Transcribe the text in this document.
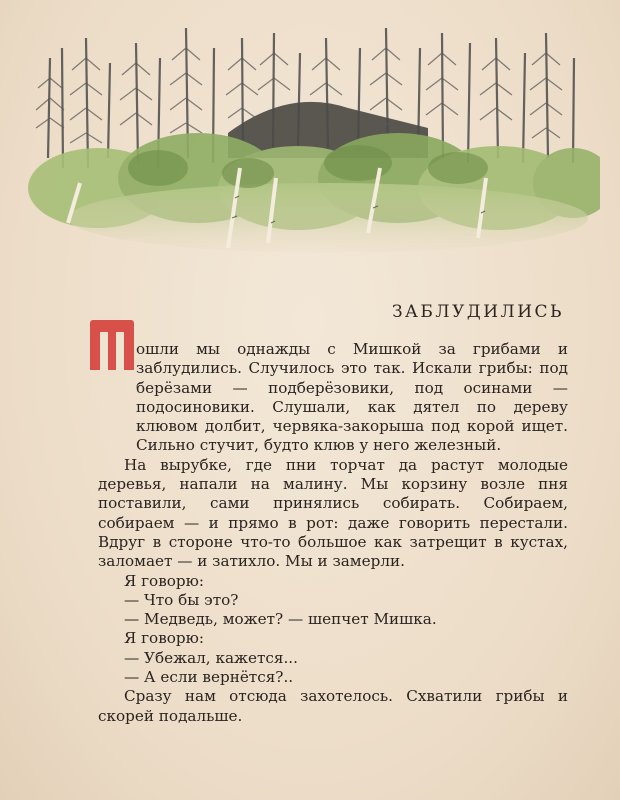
ЗАБЛУДИЛИСЬ

ошли мы однажды с Мишкой за грибами и заблудились. Случилось это так. Искали грибы: под берёзами — подберёзовики, под осинами — подосиновики. Слушали, как дятел по дереву клювом долбит, червяка-закорыша под корой ищет. Сильно стучит, будто клюв у него железный.

На вырубке, где пни торчат да растут молодые деревья, напали на малину. Мы корзину возле пня поставили, сами принялись собирать. Собираем, собираем — и прямо в рот: даже говорить перестали. Вдруг в стороне что-то большое как затрещит в кустах, заломает — и затихло. Мы и замерли.

Я говорю:

— Что бы это?

— Медведь, может? — шепчет Мишка.

Я говорю:

— Убежал, кажется...

— А если вернётся?..

Сразу нам отсюда захотелось. Схватили грибы и скорей подальше.
